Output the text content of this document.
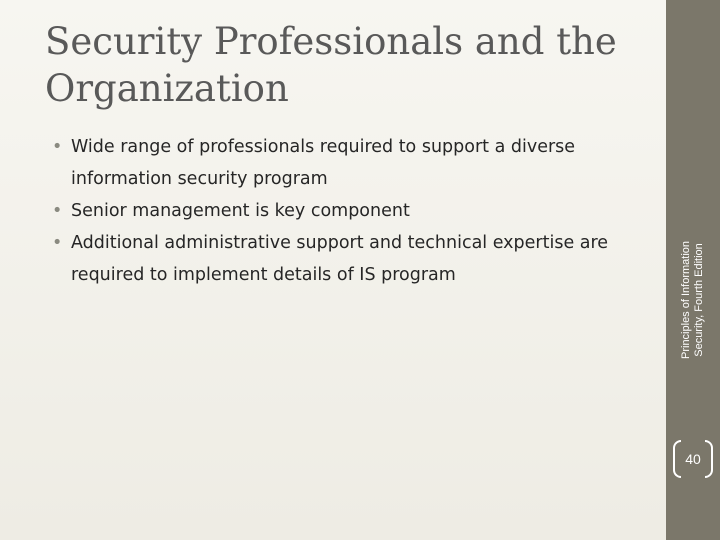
Security Professionals and the
Organization
• Wide range of professionals required to support a diverse information security program
• Senior management is key component
• Additional administrative support and technical expertise are required to implement details of IS program	Principles of Information Security, Fourth Edition
40
